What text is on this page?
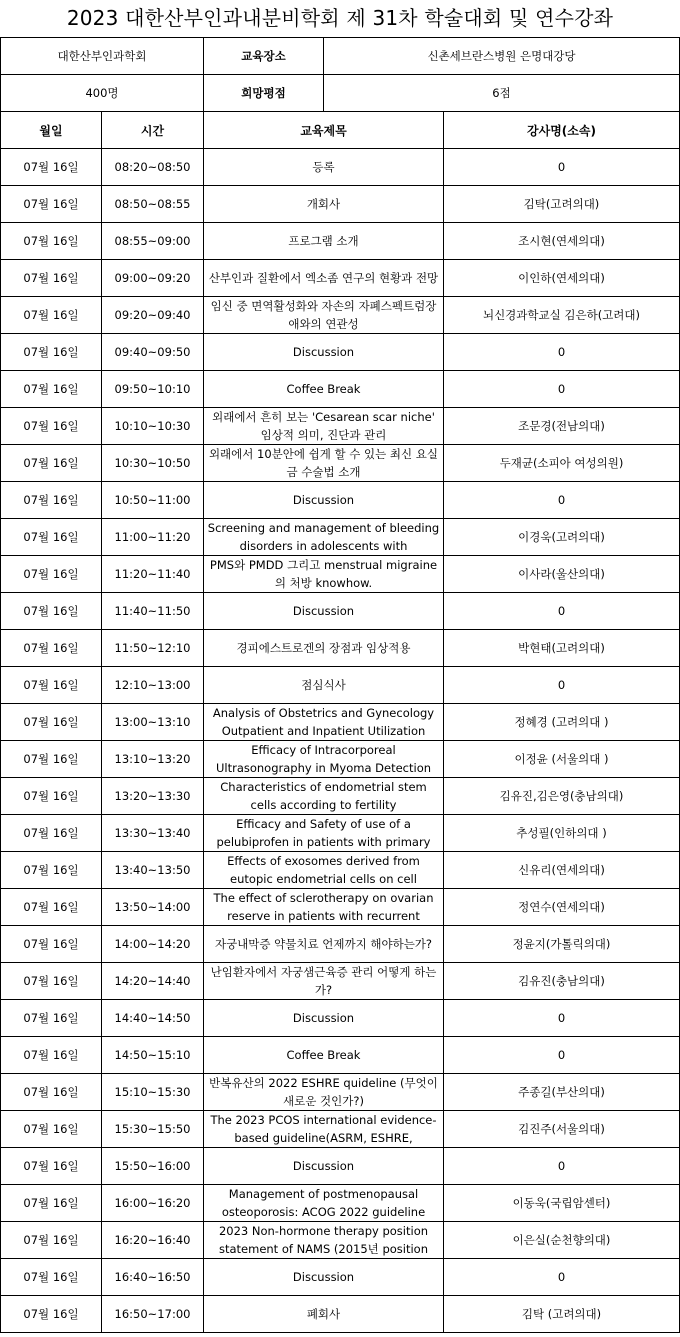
2023 대한산부인과내분비학회 제 31차 학술대회 및 연수강좌
대한산부인과학회	교육장소	신촌세브란스병원 은명대강당
400명	희망평점	6점
월일	시간	교육제목	강사명(소속)
07월 16일	08:20~08:50	등록	0
07월 16일	08:50~08:55	개회사	김탁(고려의대)
07월 16일	08:55~09:00	프로그램 소개	조시현(연세의대)
07월 16일	09:00~09:20	산부인과 질환에서 엑소좀 연구의 현황과 전망	이인하(연세의대)
07월 16일	09:20~09:40	임신 중 면역활성화와 자손의 자폐스펙트럼장애와의 연관성	뇌신경과학교실 김은하(고려대)
07월 16일	09:40~09:50	Discussion	0
07월 16일	09:50~10:10	Coffee Break	0
07월 16일	10:10~10:30	외래에서 흔히 보는 'Cesarean scar niche' 임상적 의미, 진단과 관리	조문경(전남의대)
07월 16일	10:30~10:50	외래에서 10분안에 쉽게 할 수 있는 최신 요실금 수술법 소개	두재균(소피아 여성의원)
07월 16일	10:50~11:00	Discussion	0
07월 16일	11:00~11:20	Screening and management of bleeding disorders in adolescents with	이경욱(고려의대)
07월 16일	11:20~11:40	PMS와 PMDD 그리고 menstrual migraine의 처방 knowhow.	이사라(울산의대)
07월 16일	11:40~11:50	Discussion	0
07월 16일	11:50~12:10	경피에스트로겐의 장점과 임상적용	박현태(고려의대)
07월 16일	12:10~13:00	점심식사	0
07월 16일	13:00~13:10	Analysis of Obstetrics and Gynecology Outpatient and Inpatient Utilization	정혜경 (고려의대 )
07월 16일	13:10~13:20	Efficacy of Intracorporeal Ultrasonography in Myoma Detection	이정윤 (서울의대 )
07월 16일	13:20~13:30	Characteristics of endometrial stem cells according to fertility	김유진,김은영(충남의대)
07월 16일	13:30~13:40	Efficacy and Safety of use of a pelubiprofen in patients with primary	추성필(인하의대 )
07월 16일	13:40~13:50	Effects of exosomes derived from eutopic endometrial cells on cell	신유리(연세의대)
07월 16일	13:50~14:00	The effect of sclerotherapy on ovarian reserve in patients with recurrent	정연수(연세의대)
07월 16일	14:00~14:20	자궁내막증 약물치료 언제까지 해야하는가?	정윤지(가톨릭의대)
07월 16일	14:20~14:40	난임환자에서 자궁샘근육증 관리 어떻게 하는가?	김유진(충남의대)
07월 16일	14:40~14:50	Discussion	0
07월 16일	14:50~15:10	Coffee Break	0
07월 16일	15:10~15:30	반복유산의 2022 ESHRE quideline (무엇이 새로운 것인가?)	주종길(부산의대)
07월 16일	15:30~15:50	The 2023 PCOS international evidence-based guideline(ASRM, ESHRE,	김진주(서울의대)
07월 16일	15:50~16:00	Discussion	0
07월 16일	16:00~16:20	Management of postmenopausal osteoporosis: ACOG 2022 guideline	이동욱(국립암센터)
07월 16일	16:20~16:40	2023 Non-hormone therapy position statement of NAMS (2015년 position	이은실(순천향의대)
07월 16일	16:40~16:50	Discussion	0
07월 16일	16:50~17:00	폐회사	김탁 (고려의대)
